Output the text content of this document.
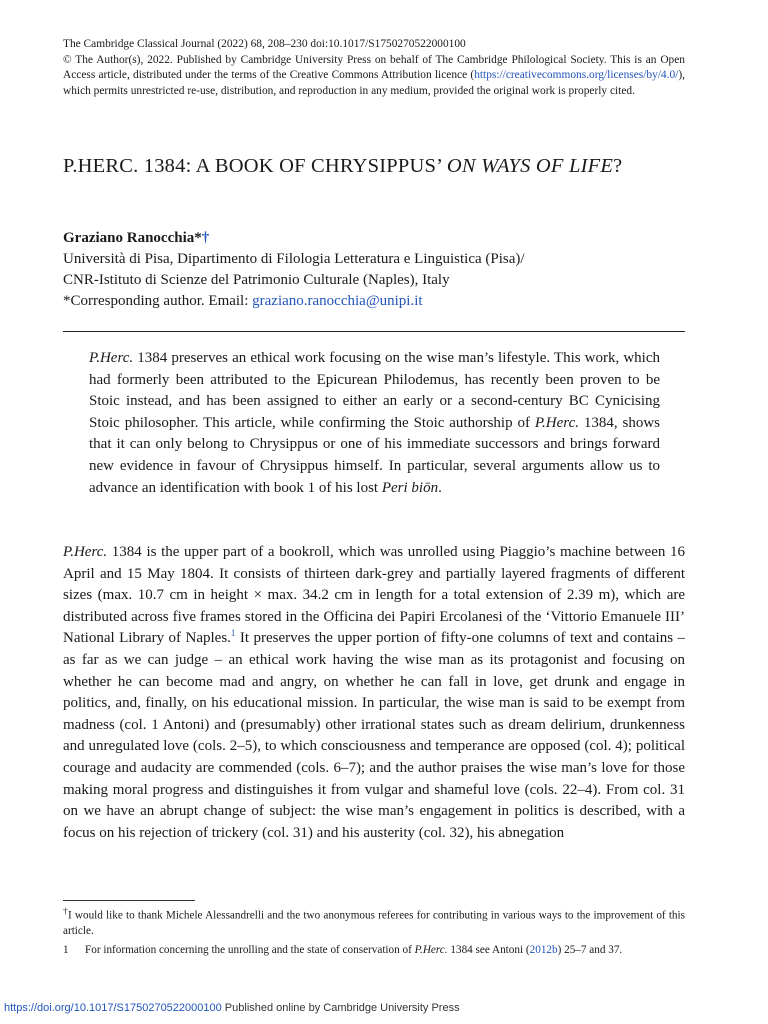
The Cambridge Classical Journal (2022) 68, 208–230 doi:10.1017/S1750270522000100
© The Author(s), 2022. Published by Cambridge University Press on behalf of The Cambridge Philological Society. This is an Open Access article, distributed under the terms of the Creative Commons Attribution licence (https://creativecommons.org/licenses/by/4.0/), which permits unrestricted re-use, distribution, and reproduction in any medium, provided the original work is properly cited.
P.HERC. 1384: A BOOK OF CHRYSIPPUS’ ON WAYS OF LIFE?
Graziano Ranocchia*†
Università di Pisa, Dipartimento di Filologia Letteratura e Linguistica (Pisa)/
CNR-Istituto di Scienze del Patrimonio Culturale (Naples), Italy
*Corresponding author. Email: graziano.ranocchia@unipi.it
P.Herc. 1384 preserves an ethical work focusing on the wise man’s lifestyle. This work, which had formerly been attributed to the Epicurean Philodemus, has recently been proven to be Stoic instead, and has been assigned to either an early or a second-century BC Cynicising Stoic philosopher. This article, while confirming the Stoic authorship of P.Herc. 1384, shows that it can only belong to Chrysippus or one of his immediate successors and brings forward new evidence in favour of Chrysippus himself. In particular, several arguments allow us to advance an identification with book 1 of his lost Peri biōn.
P.Herc. 1384 is the upper part of a bookroll, which was unrolled using Piaggio’s machine between 16 April and 15 May 1804. It consists of thirteen dark-grey and partially layered fragments of different sizes (max. 10.7 cm in height × max. 34.2 cm in length for a total extension of 2.39 m), which are distributed across five frames stored in the Officina dei Papiri Ercolanesi of the ‘Vittorio Emanuele III’ National Library of Naples.$^1$ It preserves the upper portion of fifty-one columns of text and contains – as far as we can judge – an ethical work having the wise man as its protagonist and focusing on whether he can become mad and angry, on whether he can fall in love, get drunk and engage in politics, and, finally, on his educational mission. In particular, the wise man is said to be exempt from madness (col. 1 Antoni) and (presumably) other irrational states such as dream delirium, drunkenness and unregulated love (cols. 2–5), to which consciousness and temperance are opposed (col. 4); political courage and audacity are commended (cols. 6–7); and the author praises the wise man’s love for those making moral progress and distinguishes it from vulgar and shameful love (cols. 22–4). From col. 31 on we have an abrupt change of subject: the wise man’s engagement in politics is described, with a focus on his rejection of trickery (col. 31) and his austerity (col. 32), his abnegation
†I would like to thank Michele Alessandrelli and the two anonymous referees for contributing in various ways to the improvement of this article.
1	For information concerning the unrolling and the state of conservation of P.Herc. 1384 see Antoni (2012b) 25–7 and 37.
https://doi.org/10.1017/S1750270522000100 Published online by Cambridge University Press
